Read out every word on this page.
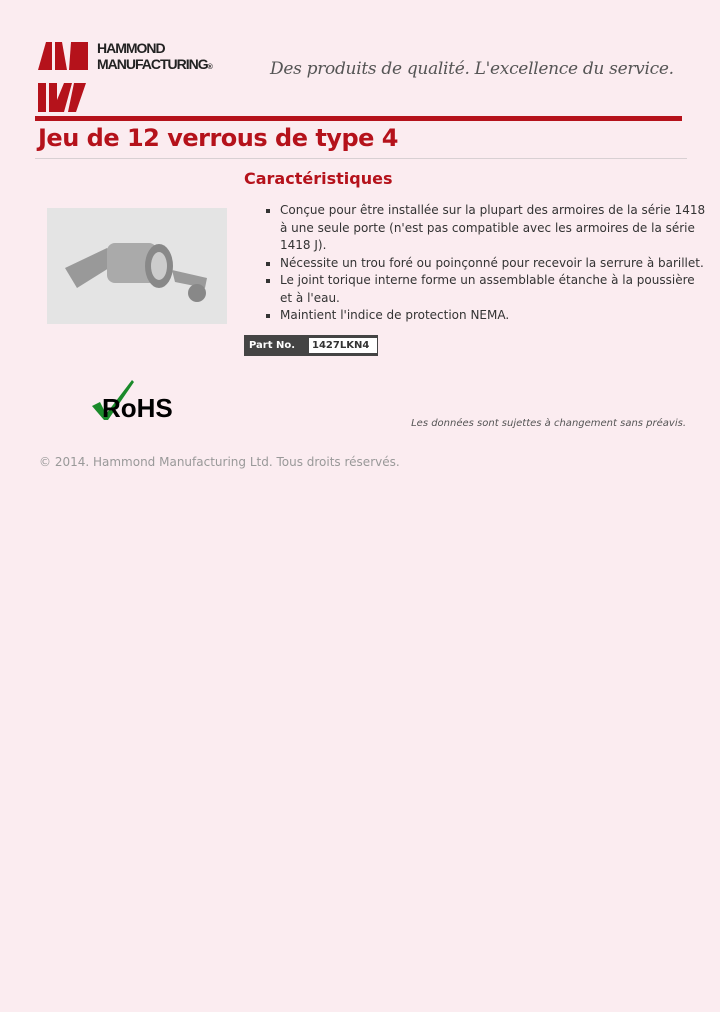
HAMMOND
MANUFACTURING®	Des produits de qualité. L'excellence du service.
Jeu de 12 verrous de type 4
Caractéristiques
▪ Conçue pour être installée sur la plupart des armoires de la série 1418 à une seule porte (n'est pas compatible avec les armoires de la série 1418 J).
▪ Nécessite un trou foré ou poinçonné pour recevoir la serrure à barillet.
▪ Le joint torique interne forme un assemblable étanche à la poussière et à l'eau.
▪ Maintient l'indice de protection NEMA.
Part No.	1427LKN4
RoHS
Les données sont sujettes à changement sans préavis.
© 2014. Hammond Manufacturing Ltd. Tous droits réservés.
